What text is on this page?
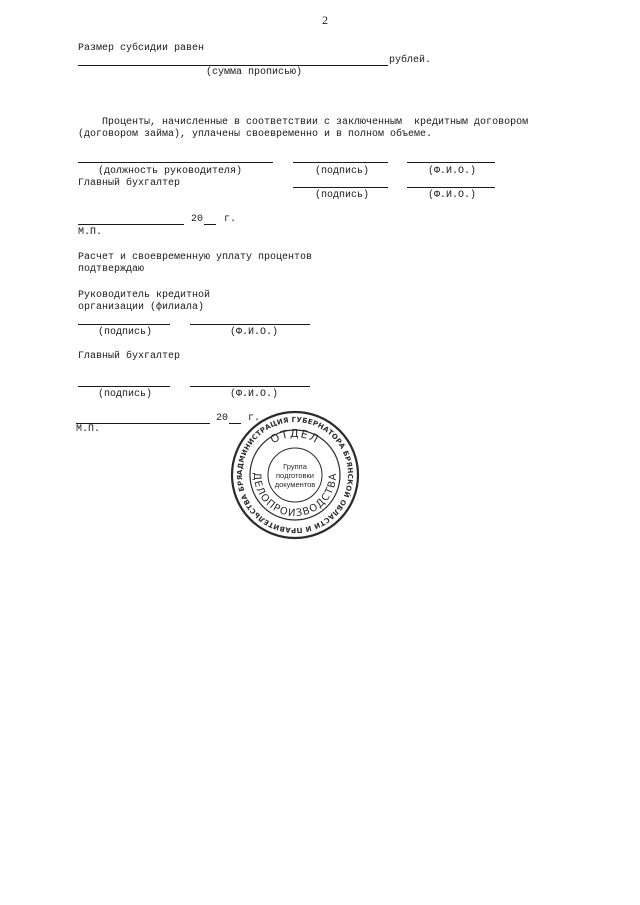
2
Размер субсидии равен
рублей.
(сумма прописью)
Проценты, начисленные в соответствии с заключенным  кредитным договором
(договором займа), уплачены своевременно и в полном объеме.
(должность руководителя)	(подпись)	(Ф.И.О.)
Главный бухгалтер
(подпись)	(Ф.И.О.)
20 г.
М.П.
Расчет и своевременную уплату процентов
подтверждаю
Руководитель кредитной
организации (филиала)
(подпись)	(Ф.И.О.)
Главный бухгалтер
(подпись)	(Ф.И.О.)
20 г.
М.П.
АДМИНИСТРАЦИЯ ГУБЕРНАТОРА БРЯНСКОЙ ОБЛАСТИ И ПРАВИТЕЛЬСТВА БРЯ
ОТДЕЛ
ДЕЛОПРОИЗВОДСТВА
Группа
подготовки
документов
